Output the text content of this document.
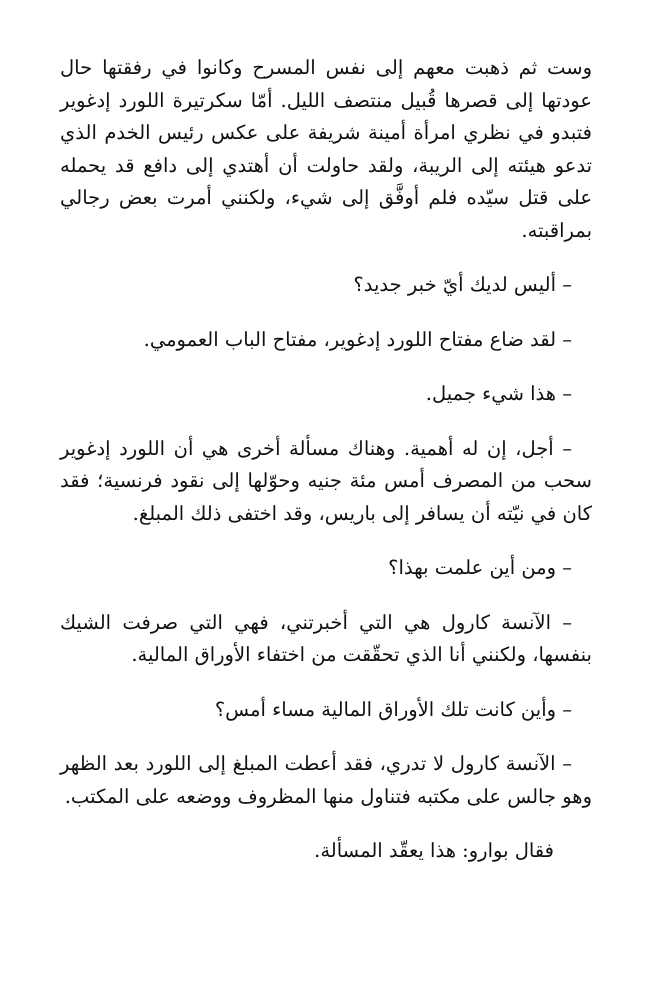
وست ثم ذهبت معهم إلى نفس المسرح وكانوا في رفقتها حال عودتها إلى قصرها قُبيل منتصف الليل. أمّا سكرتيرة اللورد إدغوير فتبدو في نظري امرأة أمينة شريفة على عكس رئيس الخدم الذي تدعو هيئته إلى الريبة، ولقد حاولت أن أهتدي إلى دافع قد يحمله على قتل سيّده فلم أوفَّق إلى شيء، ولكنني أمرت بعض رجالي بمراقبته.

– أليس لديك أيّ خبر جديد؟

– لقد ضاع مفتاح اللورد إدغوير، مفتاح الباب العمومي.

– هذا شيء جميل.

– أجل، إن له أهمية. وهناك مسألة أخرى هي أن اللورد إدغوير سحب من المصرف أمس مئة جنيه وحوّلها إلى نقود فرنسية؛ فقد كان في نيّته أن يسافر إلى باريس، وقد اختفى ذلك المبلغ.

– ومن أين علمت بهذا؟

– الآنسة كارول هي التي أخبرتني، فهي التي صرفت الشيك بنفسها، ولكنني أنا الذي تحقّقت من اختفاء الأوراق المالية.

– وأين كانت تلك الأوراق المالية مساء أمس؟

– الآنسة كارول لا تدري، فقد أعطت المبلغ إلى اللورد بعد الظهر وهو جالس على مكتبه فتناول منها المظروف ووضعه على المكتب.

فقال بوارو: هذا يعقّد المسألة.
